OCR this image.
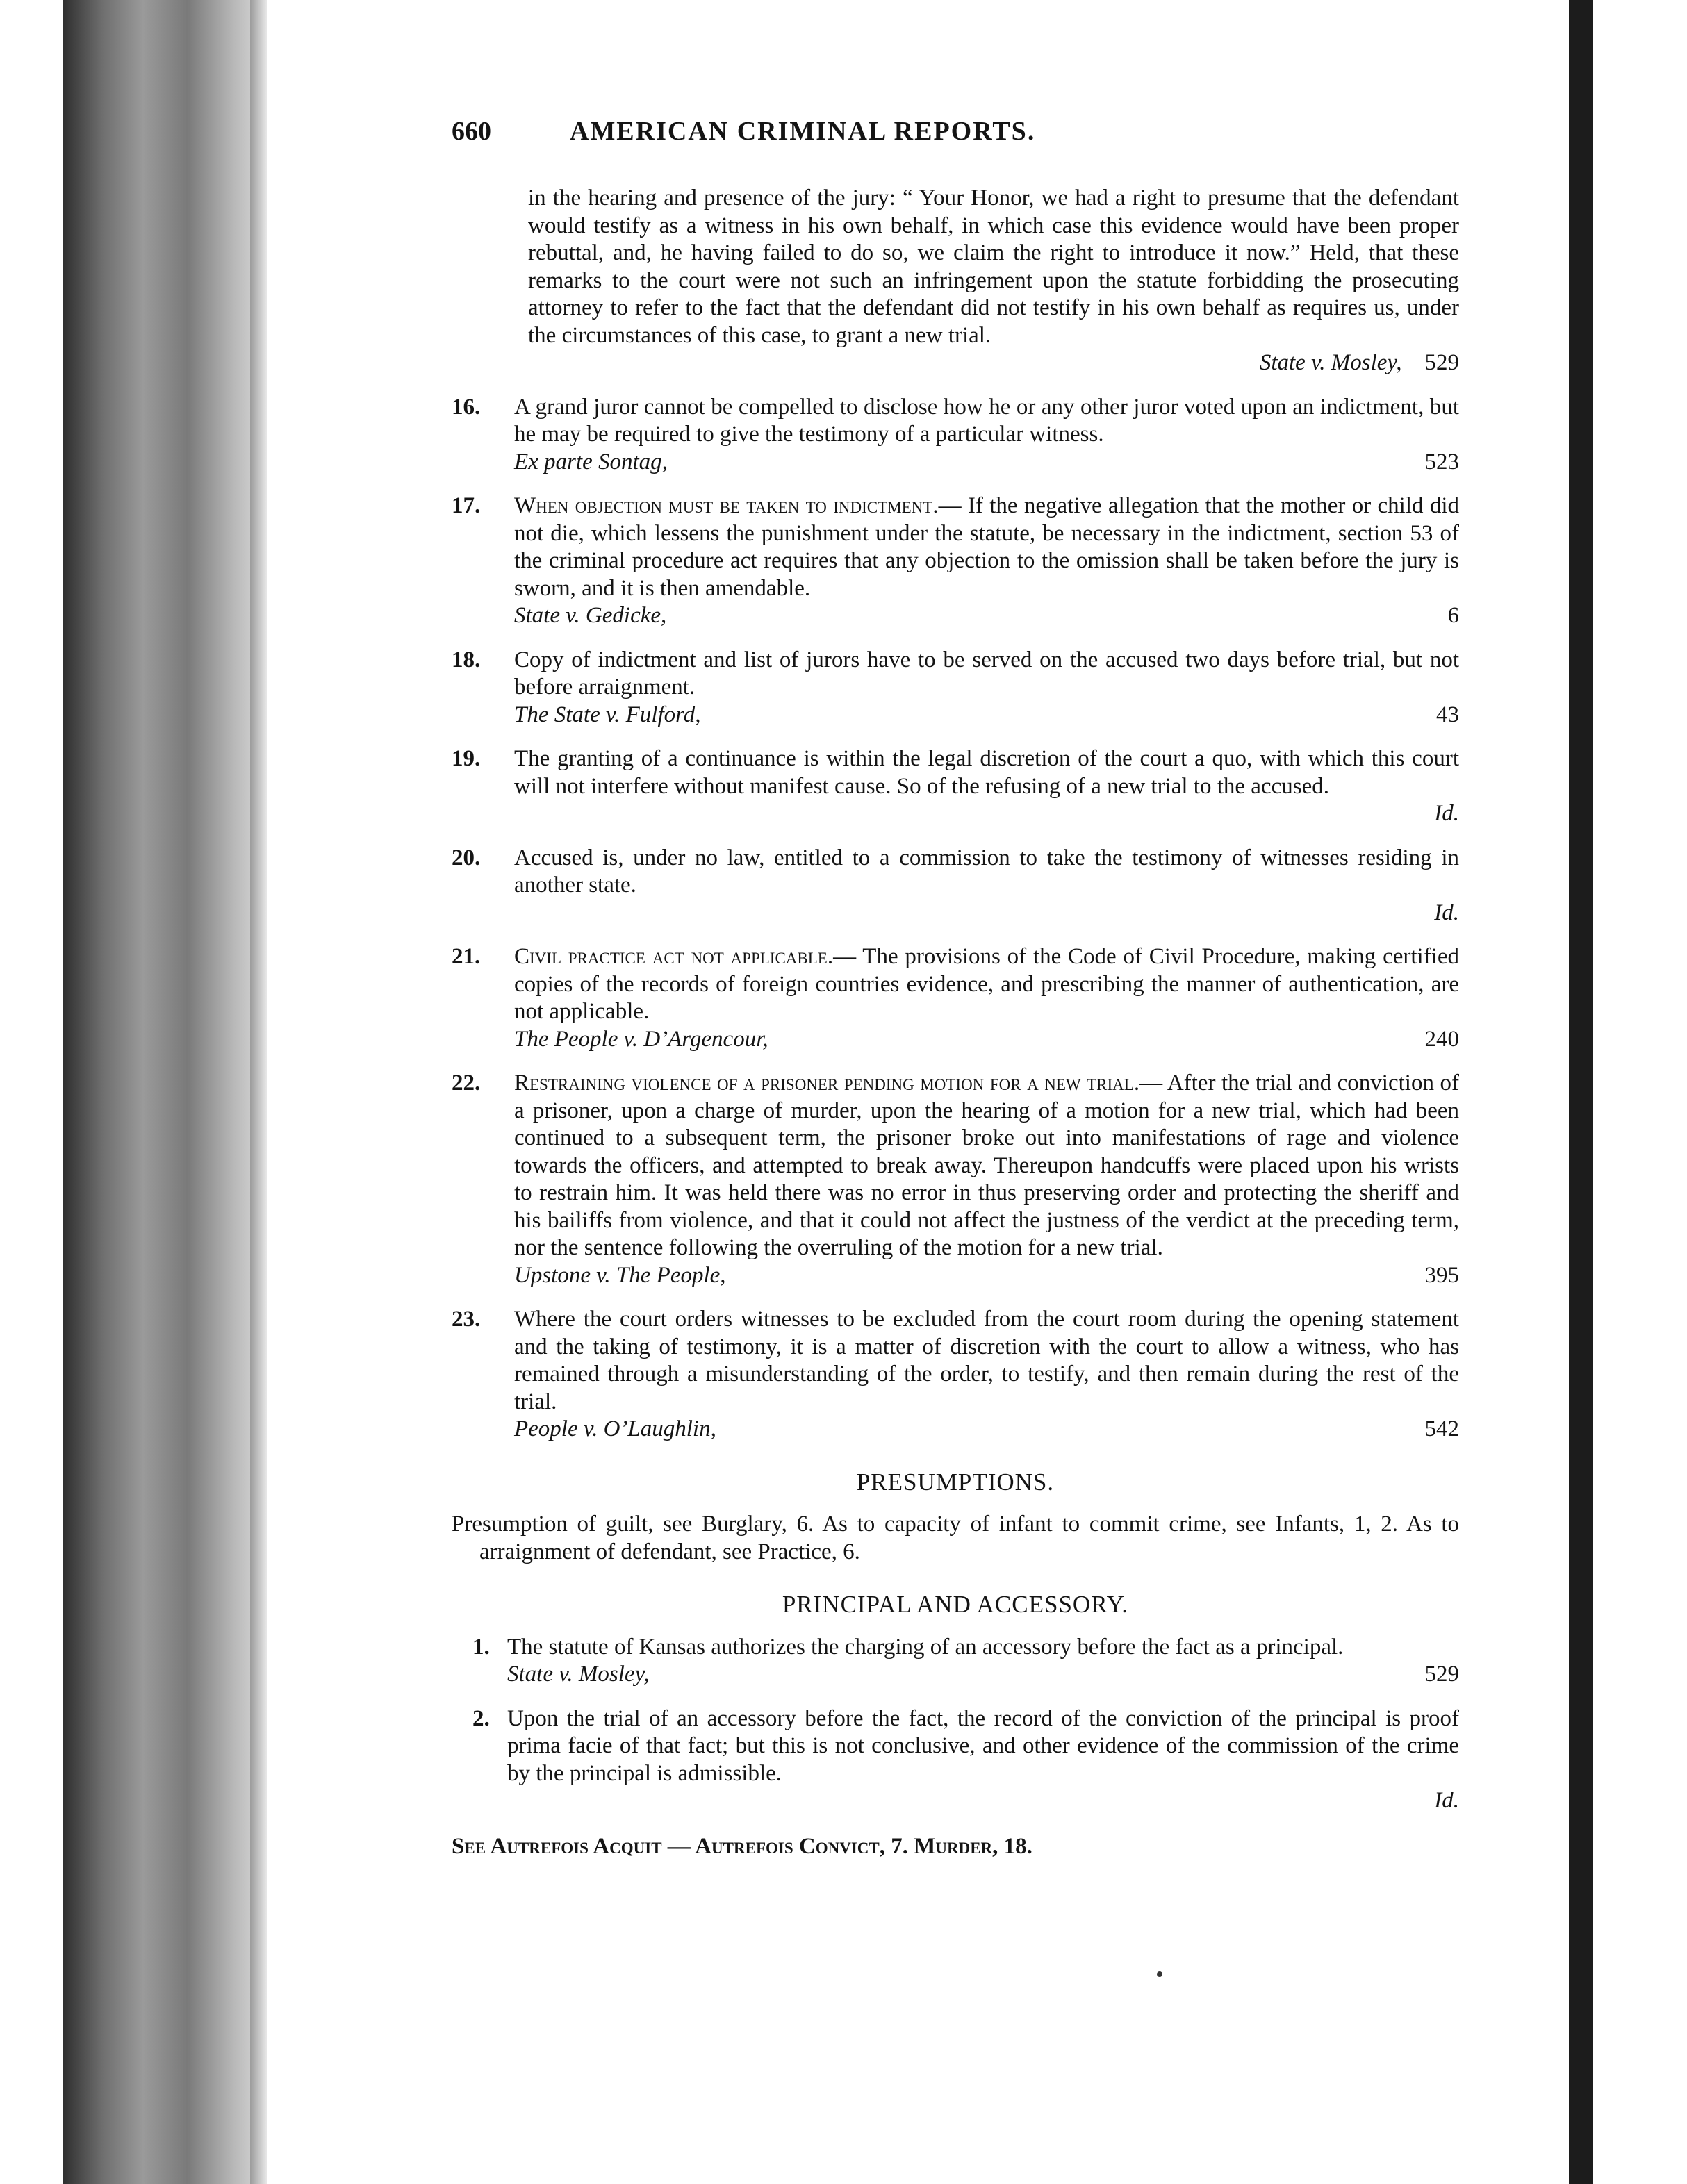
660	AMERICAN CRIMINAL REPORTS.
in the hearing and presence of the jury: “ Your Honor, we had a right to presume that the defendant would testify as a witness in his own behalf, in which case this evidence would have been proper rebuttal, and, he having failed to do so, we claim the right to introduce it now.” Held, that these remarks to the court were not such an infringement upon the statute forbidding the prosecuting attorney to refer to the fact that the defendant did not testify in his own behalf as requires us, under the circumstances of this case, to grant a new trial.
State v. Mosley, 529
16. A grand juror cannot be compelled to disclose how he or any other juror voted upon an indictment, but he may be required to give the testimony of a particular witness.
Ex parte Sontag,	523
17. When objection must be taken to indictment.— If the negative allegation that the mother or child did not die, which lessens the punishment under the statute, be necessary in the indictment, section 53 of the criminal procedure act requires that any objection to the omission shall be taken before the jury is sworn, and it is then amendable.
State v. Gedicke,	6
18. Copy of indictment and list of jurors have to be served on the accused two days before trial, but not before arraignment.
The State v. Fulford,	43
19. The granting of a continuance is within the legal discretion of the court a quo, with which this court will not interfere without manifest cause. So of the refusing of a new trial to the accused.
Id.
20. Accused is, under no law, entitled to a commission to take the testimony of witnesses residing in another state.
Id.
21. Civil practice act not applicable.— The provisions of the Code of Civil Procedure, making certified copies of the records of foreign countries evidence, and prescribing the manner of authentication, are not applicable.
The People v. D’Argencour,	240
22. Restraining violence of a prisoner pending motion for a new trial.— After the trial and conviction of a prisoner, upon a charge of murder, upon the hearing of a motion for a new trial, which had been continued to a subsequent term, the prisoner broke out into manifestations of rage and violence towards the officers, and attempted to break away. Thereupon handcuffs were placed upon his wrists to restrain him. It was held there was no error in thus preserving order and protecting the sheriff and his bailiffs from violence, and that it could not affect the justness of the verdict at the preceding term, nor the sentence following the overruling of the motion for a new trial.
Upstone v. The People,	395
23. Where the court orders witnesses to be excluded from the court room during the opening statement and the taking of testimony, it is a matter of discretion with the court to allow a witness, who has remained through a misunderstanding of the order, to testify, and then remain during the rest of the trial.
People v. O’Laughlin,	542
PRESUMPTIONS.
Presumption of guilt, see Burglary, 6. As to capacity of infant to commit crime, see Infants, 1, 2. As to arraignment of defendant, see Practice, 6.
PRINCIPAL AND ACCESSORY.
1. The statute of Kansas authorizes the charging of an accessory before the fact as a principal.
State v. Mosley,	529
2. Upon the trial of an accessory before the fact, the record of the conviction of the principal is proof prima facie of that fact; but this is not conclusive, and other evidence of the commission of the crime by the principal is admissible.
Id.
See Autrefois Acquit — Autrefois Convict, 7. Murder, 18.
